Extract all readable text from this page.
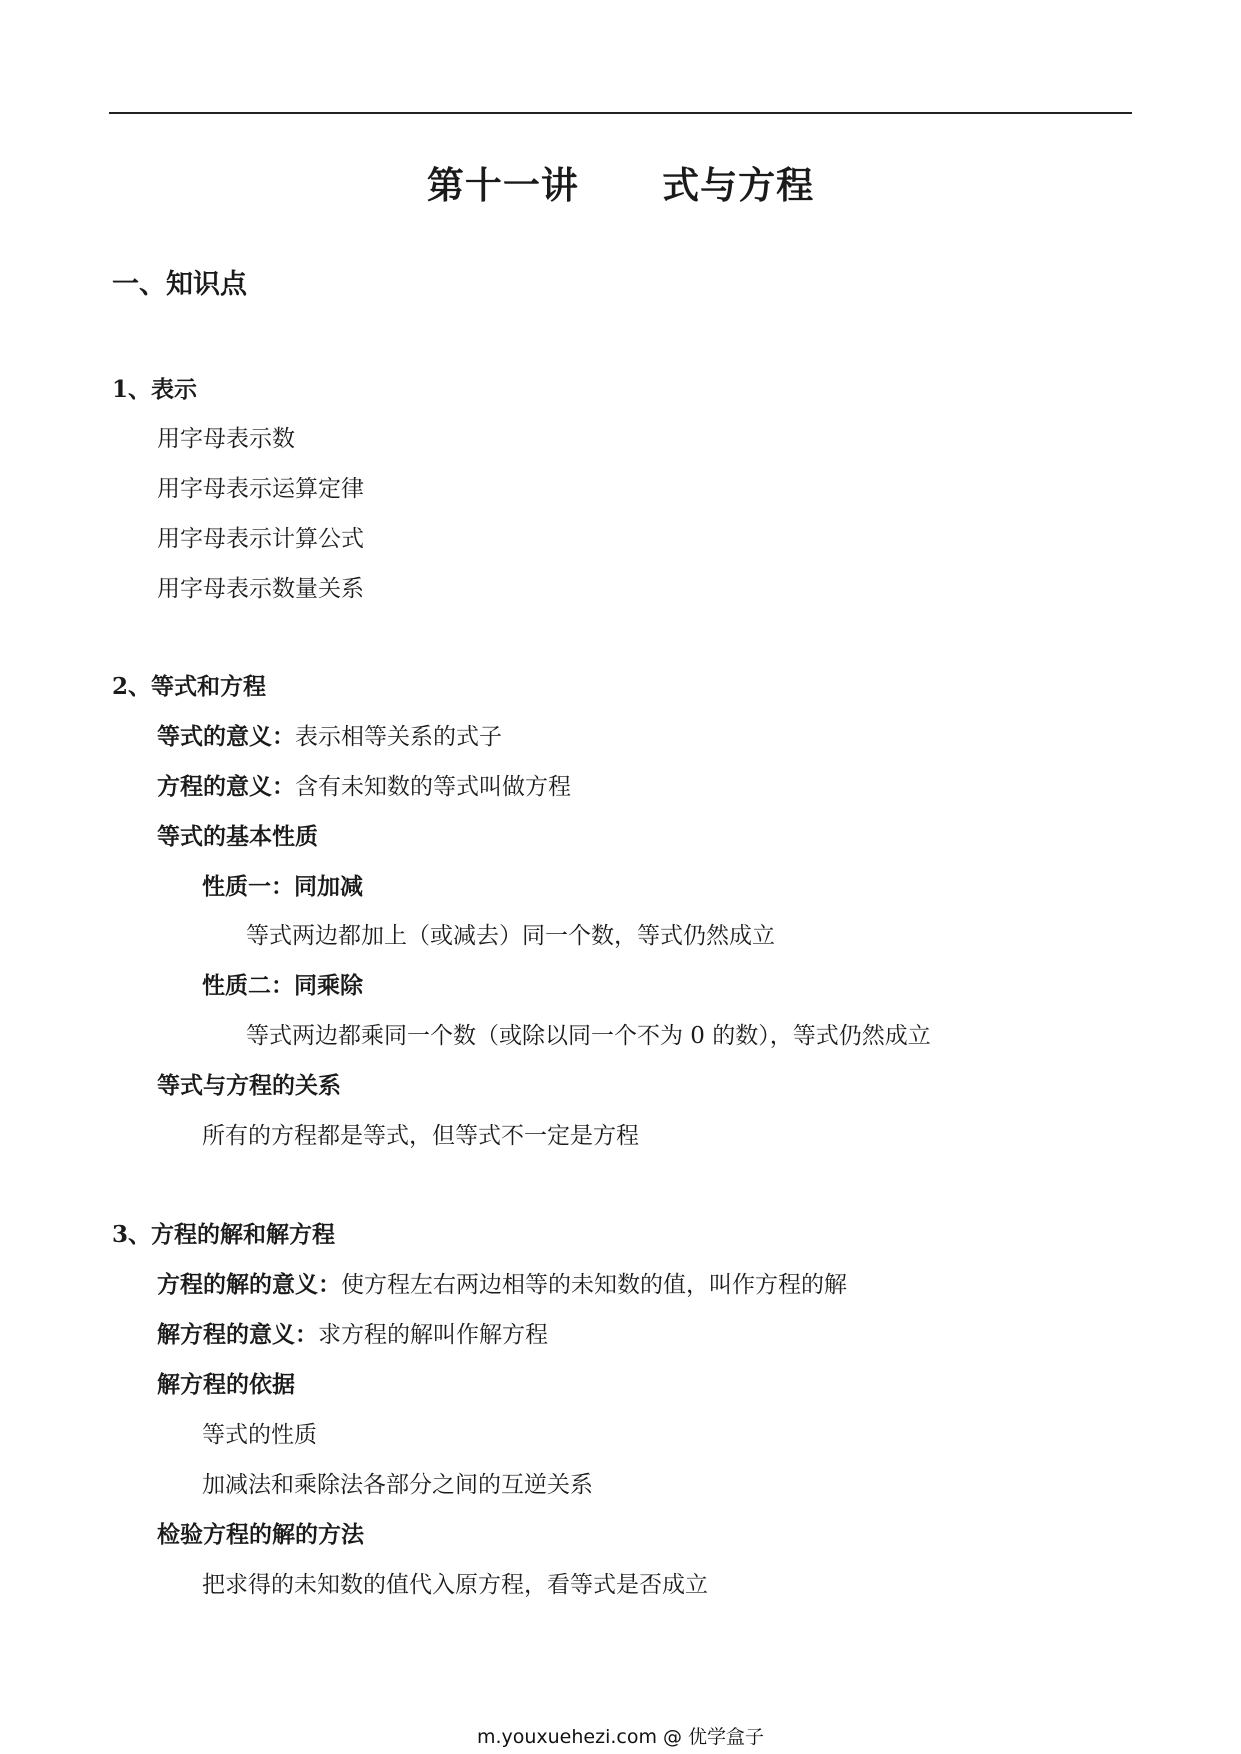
第十一讲      式与方程
一、知识点
1、表示
用字母表示数
用字母表示运算定律
用字母表示计算公式
用字母表示数量关系
2、等式和方程
等式的意义：表示相等关系的式子
方程的意义：含有未知数的等式叫做方程
等式的基本性质
性质一：同加减
等式两边都加上（或减去）同一个数，等式仍然成立
性质二：同乘除
等式两边都乘同一个数（或除以同一个不为 0 的数），等式仍然成立
等式与方程的关系
所有的方程都是等式，但等式不一定是方程
3、方程的解和解方程
方程的解的意义：使方程左右两边相等的未知数的值，叫作方程的解
解方程的意义：求方程的解叫作解方程
解方程的依据
等式的性质
加减法和乘除法各部分之间的互逆关系
检验方程的解的方法
把求得的未知数的值代入原方程，看等式是否成立
m.youxuehezi.com @ 优学盒子
